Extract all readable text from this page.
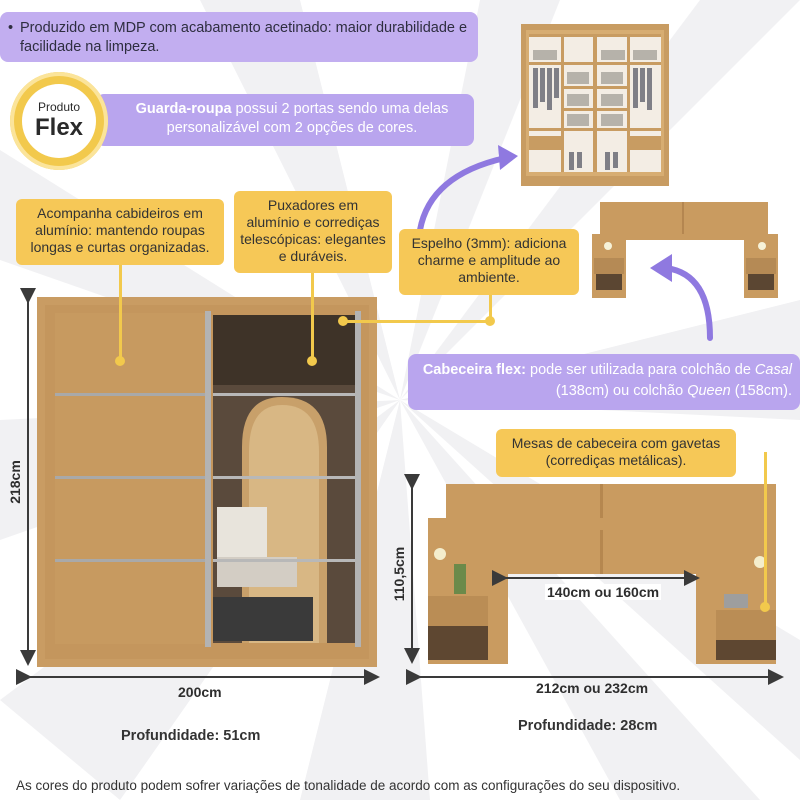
• Produzido em MDP com acabamento acetinado: maior durabilidade e facilidade na limpeza.
Produto
Flex
Guarda-roupa possui 2 portas sendo uma delas personalizável com 2 opções de cores.
Acompanha cabideiros em alumínio: mantendo roupas longas e curtas organizadas.
Puxadores em alumínio e corrediças telescópicas: elegantes e duráveis.
Espelho (3mm): adiciona charme e amplitude ao ambiente.
Mesas de cabeceira com gavetas (corrediças metálicas).
Cabeceira flex: pode ser utilizada para colchão de Casal (138cm) ou colchão Queen (158cm).
218cm
200cm
Profundidade: 51cm
110,5cm	140cm ou 160cm
212cm ou 232cm
Profundidade: 28cm
As cores do produto podem sofrer variações de tonalidade de acordo com as configurações do seu dispositivo.
